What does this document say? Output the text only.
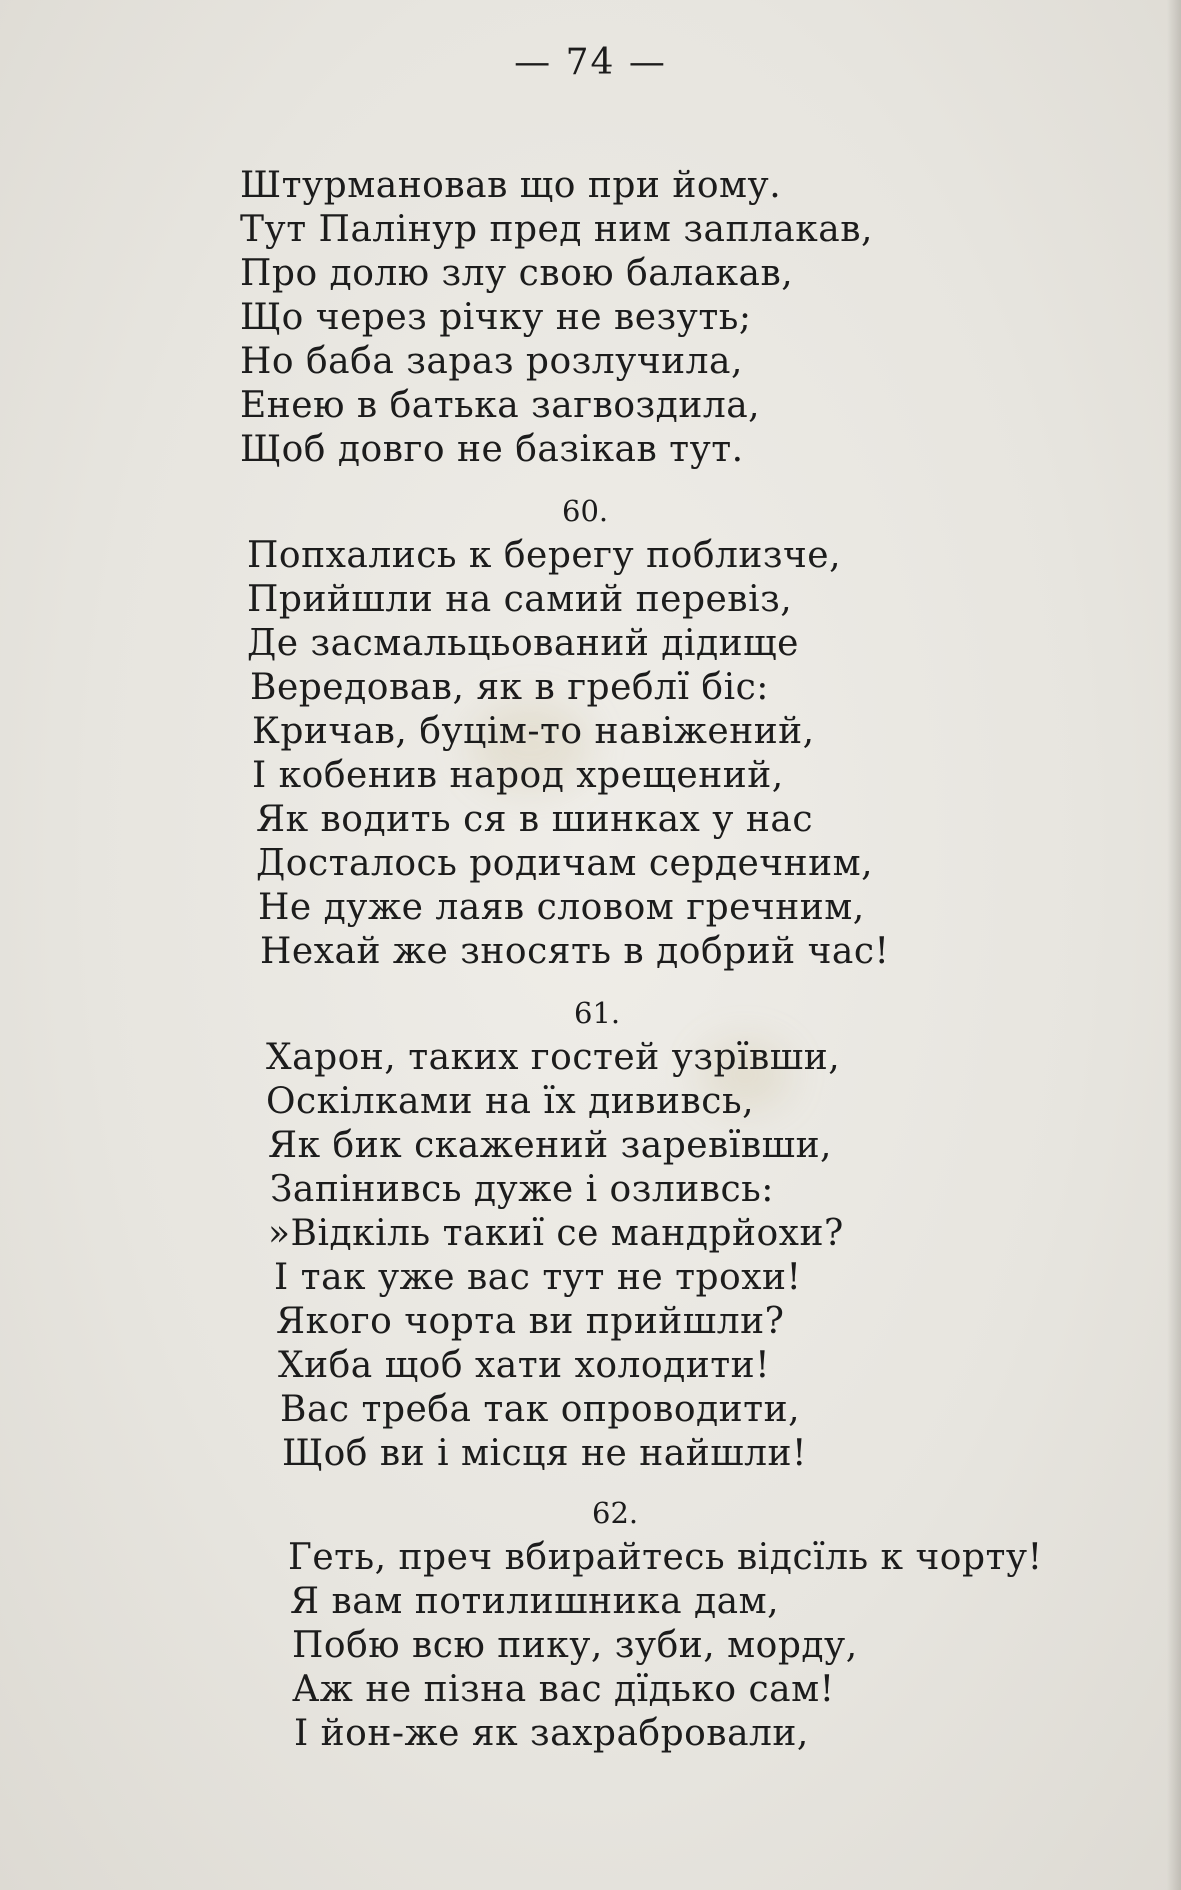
— 74 —
Штурмановав що при йому.
Тут Палінур пред ним заплакав,
Про долю злу свою балакав,
Що через річку не везуть;
Но баба зараз розлучила,
Енею в батька загвоздила,
Щоб довго не базікав тут.
60.
Попхались к берегу поблизче,
Прийшли на самий перевіз,
Де засмальцьований дідище
Вередовав, як в греблї біс:
Кричав, буцім-то навіжений,
І кобенив народ хрещений,
Як водить ся в шинках у нас
Досталось родичам сердечним,
Не дуже лаяв словом гречним,
Нехай же зносять в добрий час!
61.
Харон, таких гостей узрївши,
Оскілками на їх дививсь,
Як бик скажений заревївши,
Запінивсь дуже і озливсь:
»Відкіль такиї се мандрйохи?
І так уже вас тут не трохи!
Якого чорта ви прийшли?
Хиба щоб хати холодити!
Вас треба так опроводити,
Щоб ви і місця не найшли!
62.
Геть, преч вбирайтесь відсїль к чорту!
Я вам потилишника дам,
Побю всю пику, зуби, морду,
Аж не пізна вас дїдько сам!
І йон-же як захрабровали,
